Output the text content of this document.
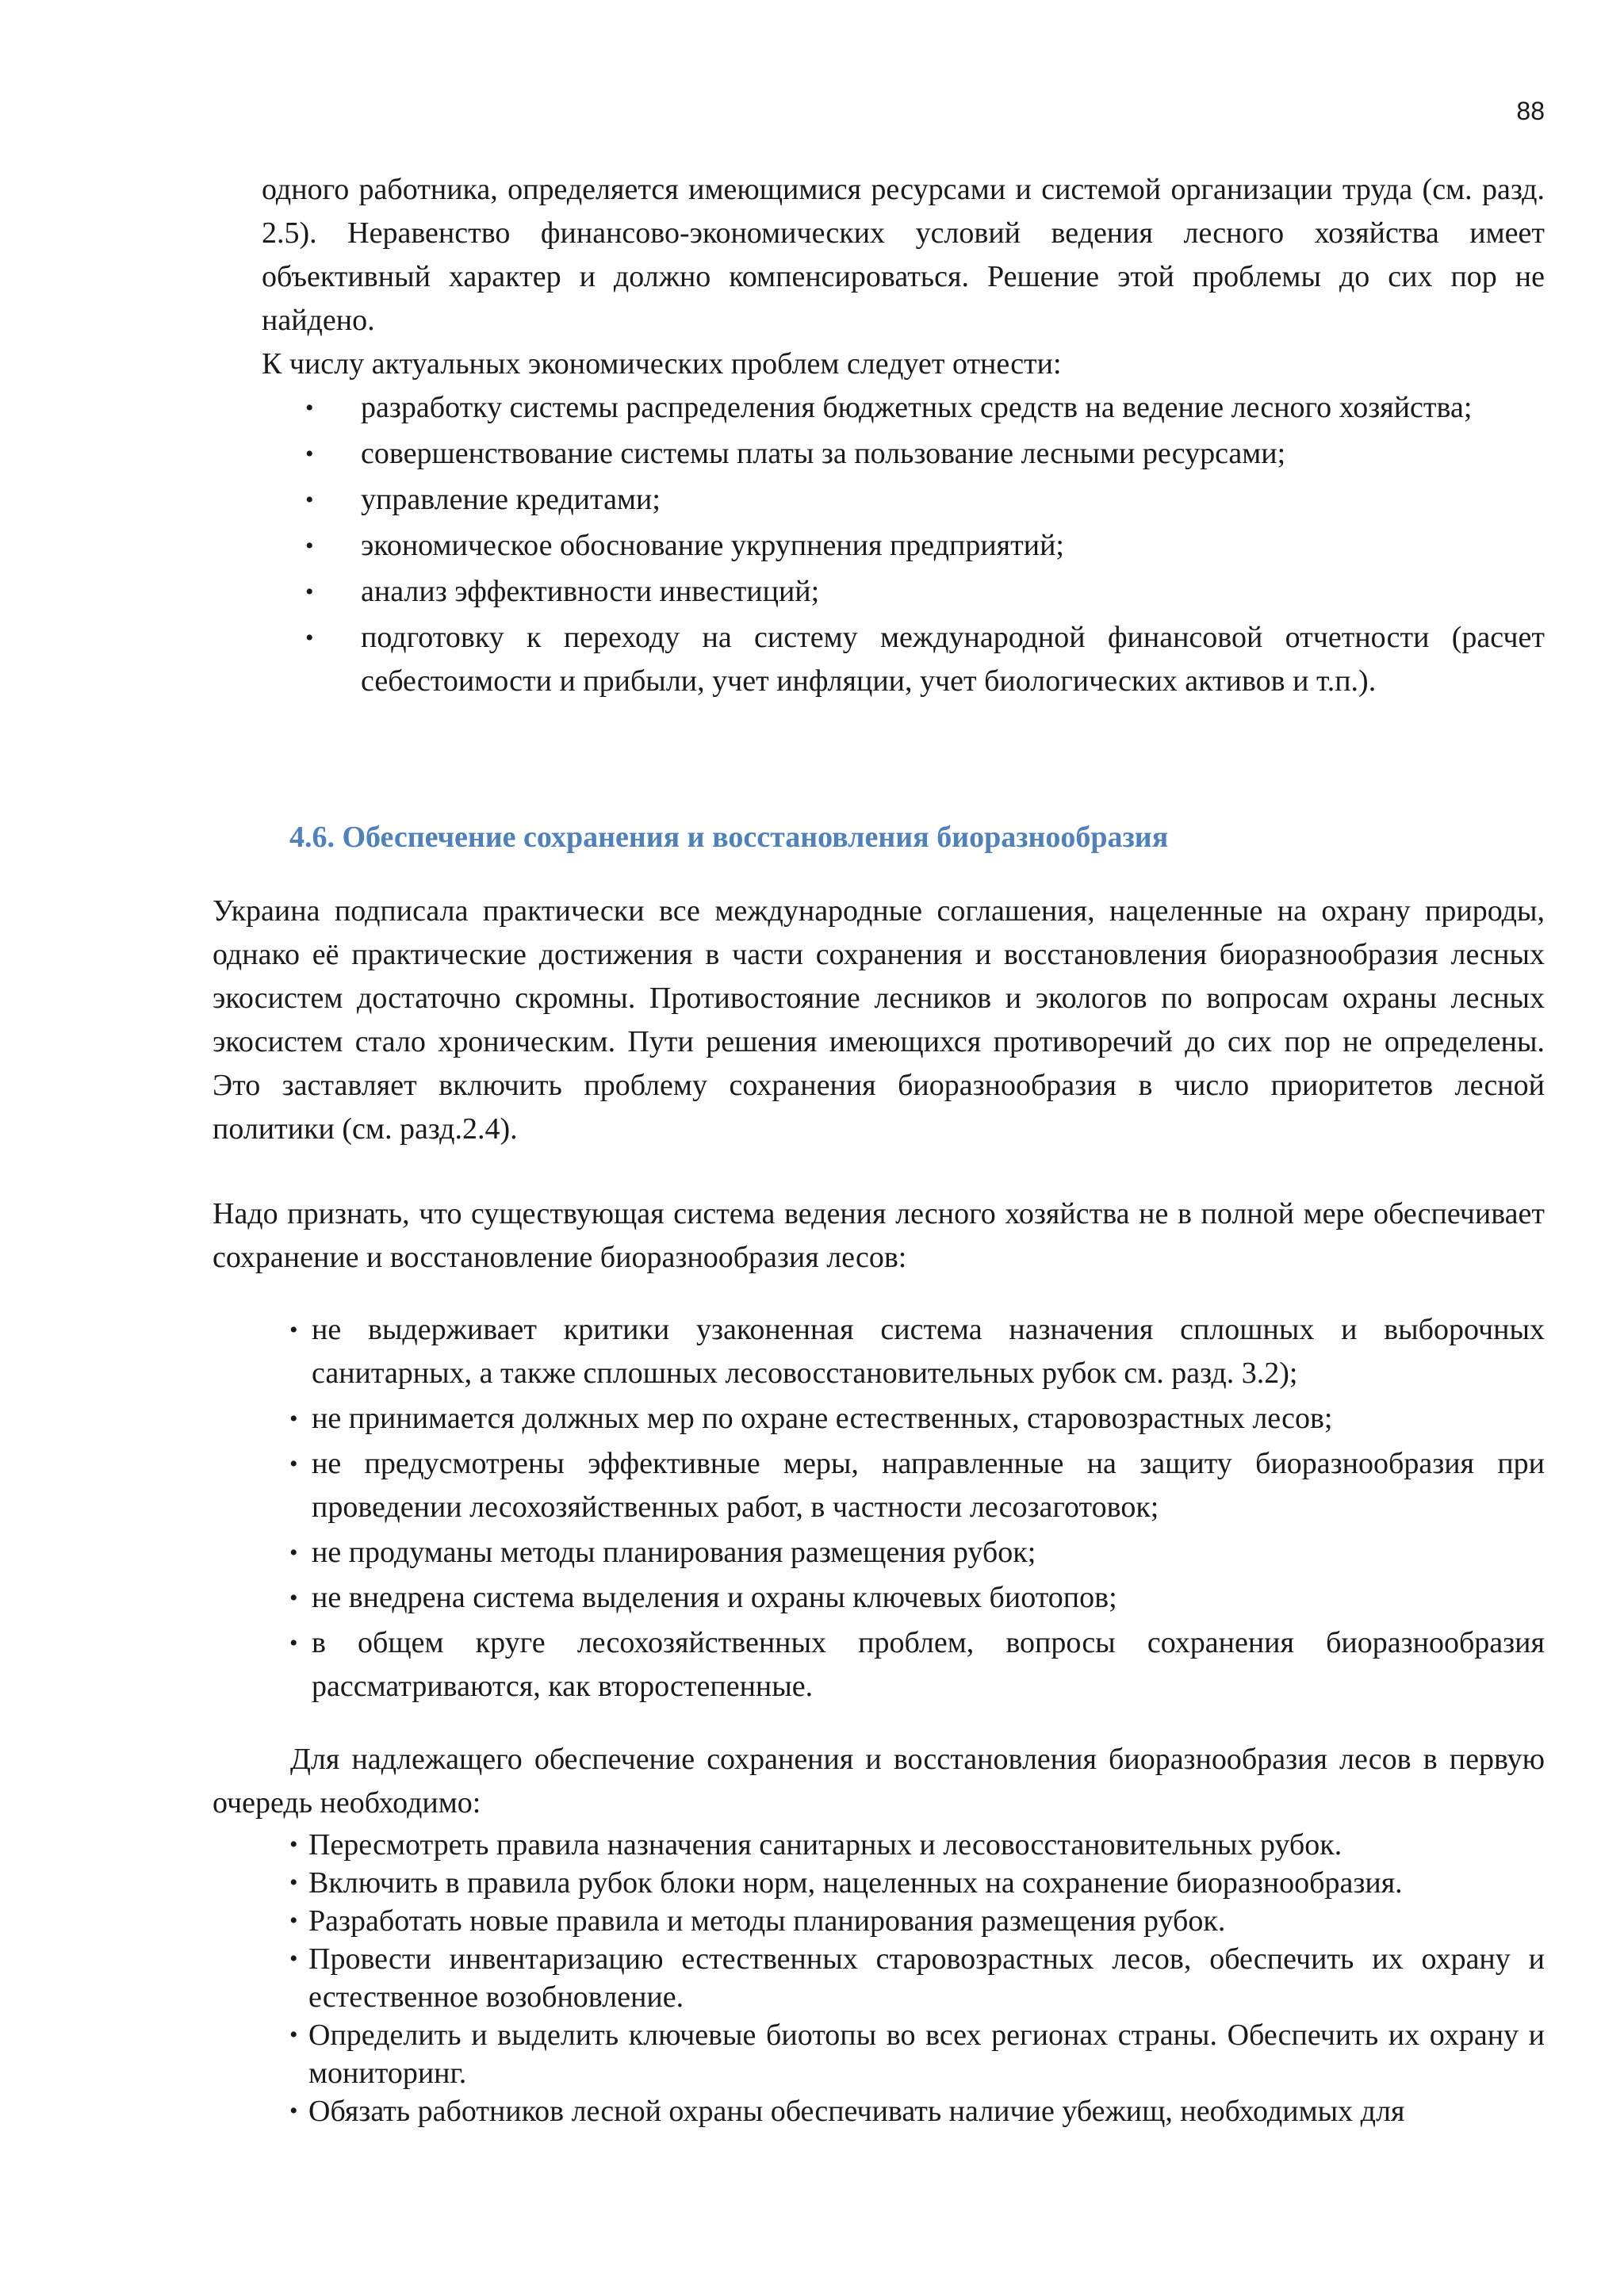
88

одного работника, определяется имеющимися ресурсами и системой организации труда (см. разд. 2.5). Неравенство финансово-экономических условий ведения лесного хозяйства имеет объективный характер и должно компенсироваться. Решение этой проблемы до сих пор не найдено.

К числу актуальных экономических проблем следует отнести:

• разработку системы распределения бюджетных средств на ведение лесного хозяйства;
• совершенствование системы платы за пользование лесными ресурсами;
• управление кредитами;
• экономическое обоснование укрупнения предприятий;
• анализ эффективности инвестиций;
• подготовку к переходу на систему международной финансовой отчетности (расчет себестоимости и прибыли, учет инфляции, учет биологических активов и т.п.).
4.6. Обеспечение сохранения и восстановления биоразнообразия

Украина подписала практически все международные соглашения, нацеленные на охрану природы, однако её практические достижения в части сохранения и восстановления биоразнообразия лесных экосистем достаточно скромны. Противостояние лесников и экологов по вопросам охраны лесных экосистем стало хроническим. Пути решения имеющихся противоречий до сих пор не определены. Это заставляет включить проблему сохранения биоразнообразия в число приоритетов лесной политики (см. разд.2.4).

Надо признать, что существующая система ведения лесного хозяйства не в полной мере обеспечивает сохранение и восстановление биоразнообразия лесов:

• не выдерживает критики узаконенная система назначения сплошных и выборочных санитарных, а также сплошных лесовосстановительных рубок см. разд. 3.2);
• не принимается должных мер по охране естественных, старовозрастных лесов;
• не предусмотрены эффективные меры, направленные на защиту биоразнообразия при проведении лесохозяйственных работ, в частности лесозаготовок;
• не продуманы методы планирования размещения рубок;
• не внедрена система выделения и охраны ключевых биотопов;
• в общем круге лесохозяйственных проблем, вопросы сохранения биоразнообразия рассматриваются, как второстепенные.

Для надлежащего обеспечение сохранения и восстановления биоразнообразия лесов в первую очередь необходимо:

• Пересмотреть правила назначения санитарных и лесовосстановительных рубок.
• Включить в правила рубок блоки норм, нацеленных на сохранение биоразнообразия.
• Разработать новые правила и методы планирования размещения рубок.
• Провести инвентаризацию естественных старовозрастных лесов, обеспечить их охрану и естественное возобновление.
• Определить и выделить ключевые биотопы во всех регионах страны. Обеспечить их охрану и мониторинг.
• Обязать работников лесной охраны обеспечивать наличие убежищ, необходимых для
